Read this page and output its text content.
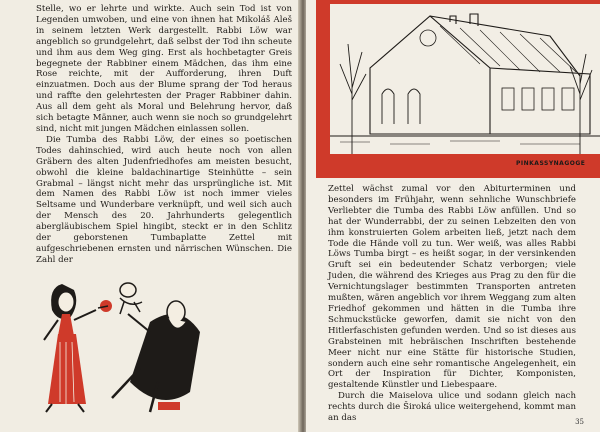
Stelle, wo er lehrte und wirkte. Auch sein Tod ist von Legenden umwoben, und eine von ihnen hat Mikoláš Aleš in seinem letzten Werk dargestellt. Rabbi Löw war angeblich so grundgelehrt, daß selbst der Tod ihn scheute und ihm aus dem Weg ging. Erst als hochbetagter Greis begegnete der Rabbiner einem Mädchen, das ihm eine Rose reichte, mit der Aufforderung, ihren Duft einzuatmen. Doch aus der Blume sprang der Tod heraus und raffte den gelehrtesten der Prager Rabbiner dahin. Aus all dem geht als Moral und Belehrung hervor, daß sich betagte Männer, auch wenn sie noch so grundgelehrt sind, nicht mit jungen Mädchen einlassen sollen.

Die Tumba des Rabbi Löw, der eines so poetischen Todes dahinschied, wird auch heute noch von allen Gräbern des alten Judenfriedhofes am meisten besucht, obwohl die kleine baldachinartige Steinhütte – sein Grabmal – längst nicht mehr das ursprüngliche ist. Mit dem Namen des Rabbi Löw ist noch immer vieles Seltsame und Wunderbare verknüpft, und weil sich auch der Mensch des 20. Jahrhunderts gelegentlich abergläubischem Spiel hingibt, steckt er in den Schlitz der geborstenen Tumbaplatte Zettel mit aufgeschriebenen ernsten und närrischen Wünschen. Die Zahl der

PINKASSYNAGOGE

Zettel wächst zumal vor den Abiturterminen und besonders im Frühjahr, wenn sehnliche Wunschbriefe Verliebter die Tumba des Rabbi Löw anfüllen. Und so hat der Wunderrabbi, der zu seinen Lebzeiten den von ihm konstruierten Golem arbeiten ließ, jetzt nach dem Tode die Hände voll zu tun. Wer weiß, was alles Rabbi Löws Tumba birgt – es heißt sogar, in der versinkenden Gruft sei ein bedeutender Schatz verborgen; viele Juden, die während des Krieges aus Prag zu den für die Vernichtungslager bestimmten Transporten antreten mußten, wären angeblich vor ihrem Weggang zum alten Friedhof gekommen und hätten in die Tumba ihre Schmuckstücke geworfen, damit sie nicht von den Hitlerfaschisten gefunden werden. Und so ist dieses aus Grabsteinen mit hebräischen Inschriften bestehende Meer nicht nur eine Stätte für historische Studien, sondern auch eine sehr romantische Angelegenheit, ein Ort der Inspiration für Dichter, Komponisten, gestaltende Künstler und Liebespaare.

Durch die Maiselova ulice und sodann gleich nach rechts durch die Široká ulice weitergehend, kommt man an das	35
